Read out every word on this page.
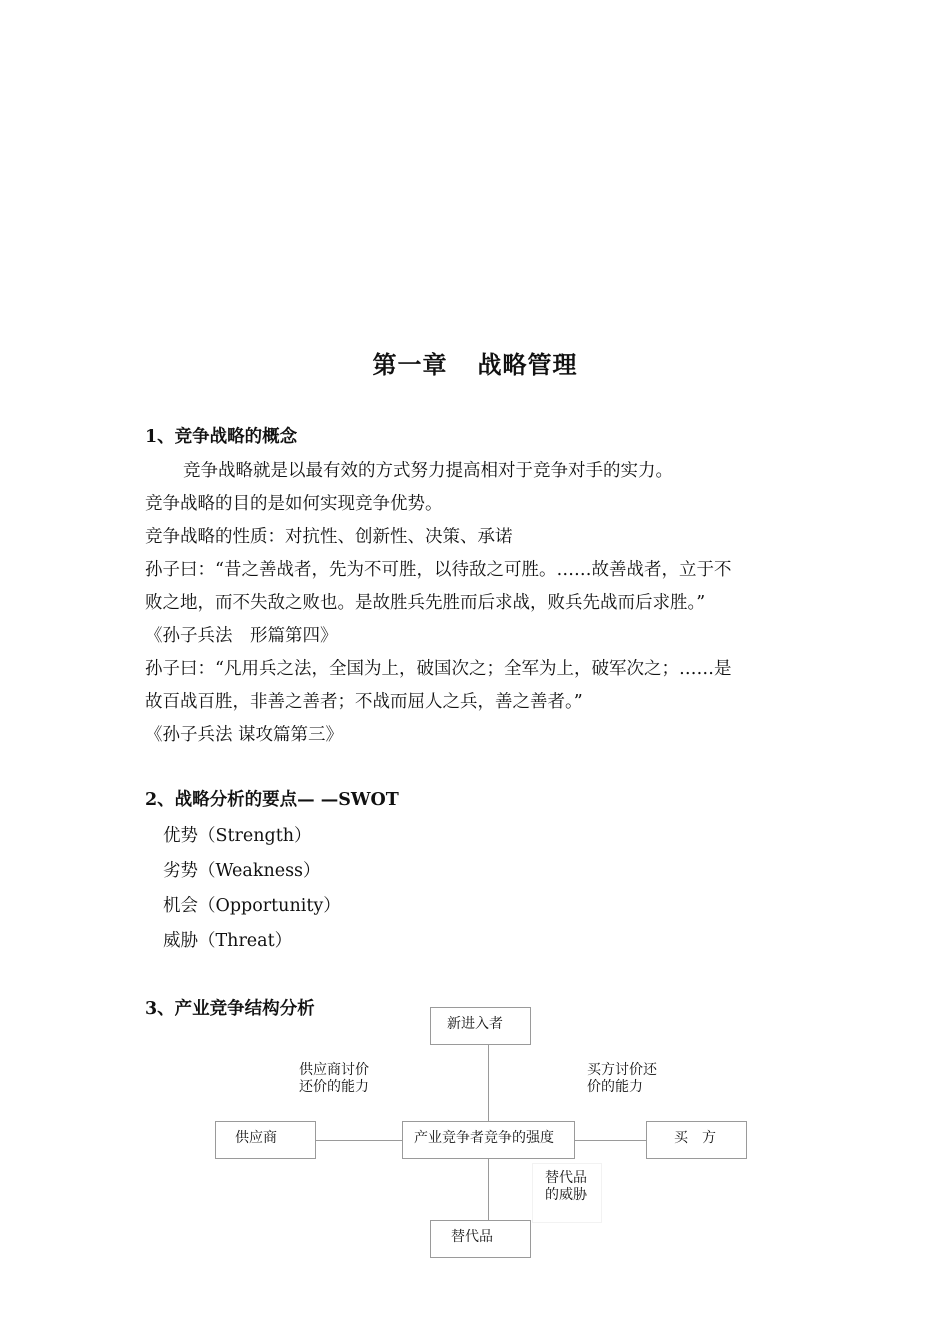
第一章 战略管理
1、竞争战略的概念
竞争战略就是以最有效的方式努力提高相对于竞争对手的实力。
竞争战略的目的是如何实现竞争优势。
竞争战略的性质：对抗性、创新性、决策、承诺
孙子曰：“昔之善战者，先为不可胜，以待敌之可胜。……故善战者，立于不
败之地，而不失敌之败也。是故胜兵先胜而后求战，败兵先战而后求胜。”
《孙子兵法　形篇第四》
孙子曰：“凡用兵之法，全国为上，破国次之；全军为上，破军次之；……是
故百战百胜，非善之善者；不战而屈人之兵，善之善者。”
《孙子兵法 谋攻篇第三》
2、战略分析的要点— —SWOT
优势（Strength）
劣势（Weakness）
机会（Opportunity）
威胁（Threat）
3、产业竞争结构分析
新进入者
供应商讨价
还价的能力
买方讨价还
价的能力
供应商	产业竞争者竞争的强度	买　方
替代品
的威胁
替代品
